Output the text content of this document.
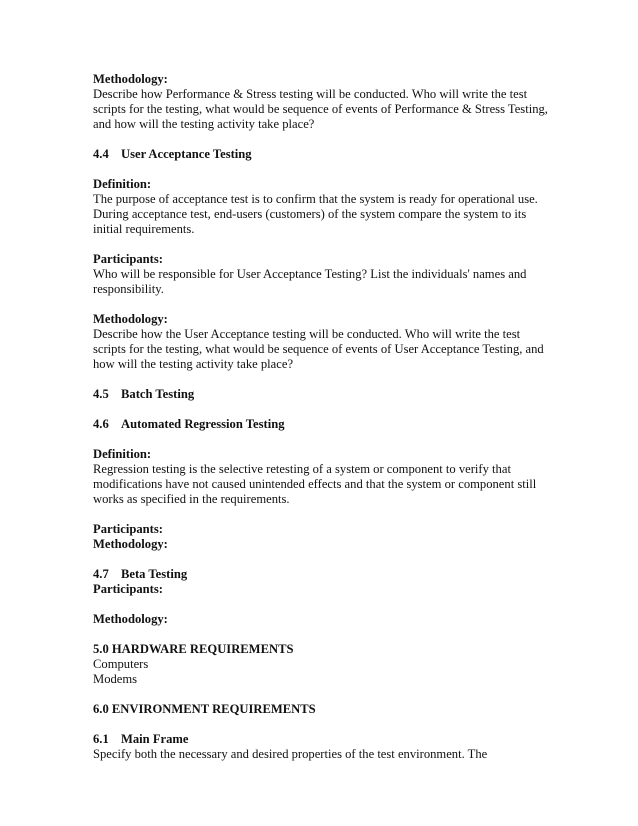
Methodology:

Describe how Performance & Stress testing will be conducted. Who will write the test scripts for the testing, what would be sequence of events of Performance & Stress Testing, and how will the testing activity take place?

4.4 User Acceptance Testing

Definition:

The purpose of acceptance test is to confirm that the system is ready for operational use. During acceptance test, end-users (customers) of the system compare the system to its initial requirements.

Participants:

Who will be responsible for User Acceptance Testing? List the individuals' names and responsibility.

Methodology:

Describe how the User Acceptance testing will be conducted. Who will write the test scripts for the testing, what would be sequence of events of User Acceptance Testing, and how will the testing activity take place?

4.5 Batch Testing

4.6 Automated Regression Testing

Definition:

Regression testing is the selective retesting of a system or component to verify that modifications have not caused unintended effects and that the system or component still works as specified in the requirements.

Participants:

Methodology:

4.7 Beta Testing

Participants:

Methodology:

5.0 HARDWARE REQUIREMENTS

Computers

Modems

6.0 ENVIRONMENT REQUIREMENTS

6.1 Main Frame

Specify both the necessary and desired properties of the test environment. The
